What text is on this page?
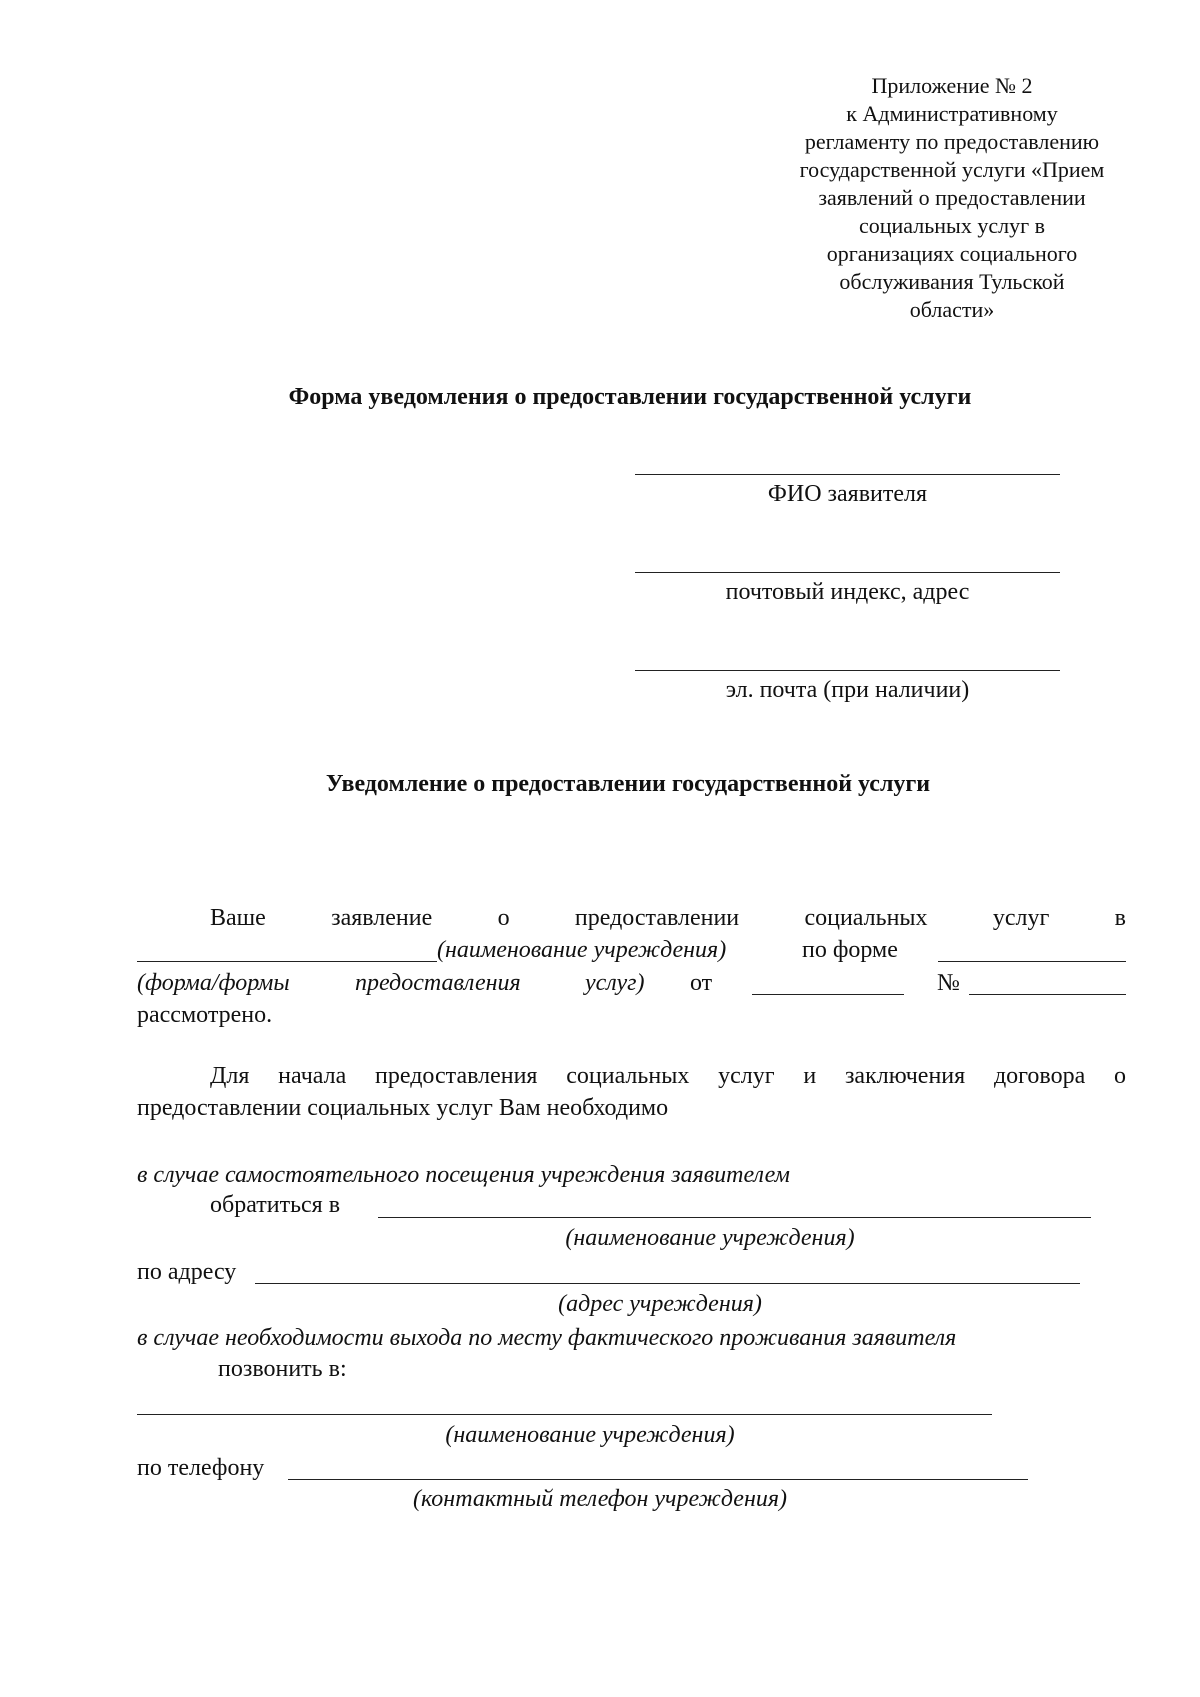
Приложение № 2
к Административному
регламенту по предоставлению
государственной услуги «Прием
заявлений о предоставлении
социальных услуг в
организациях социального
обслуживания Тульской
области»
Форма уведомления о предоставлении государственной услуги
ФИО заявителя
почтовый индекс, адрес
эл. почта (при наличии)
Уведомление о предоставлении государственной услуги
Ваше	заявление	о	предоставлении	социальных	услуг	в
(наименование учреждения)	по форме
(форма/формы	предоставления	услуг) от	№
рассмотрено.
Для начала предоставления социальных услуг и заключения договора о
предоставлении социальных услуг Вам необходимо
в случае самостоятельного посещения учреждения заявителем
обратиться в
(наименование учреждения)
по адресу
(адрес учреждения)
в случае необходимости выхода по месту фактического проживания заявителя
позвонить в:
(наименование учреждения)
по телефону
(контактный телефон учреждения)
